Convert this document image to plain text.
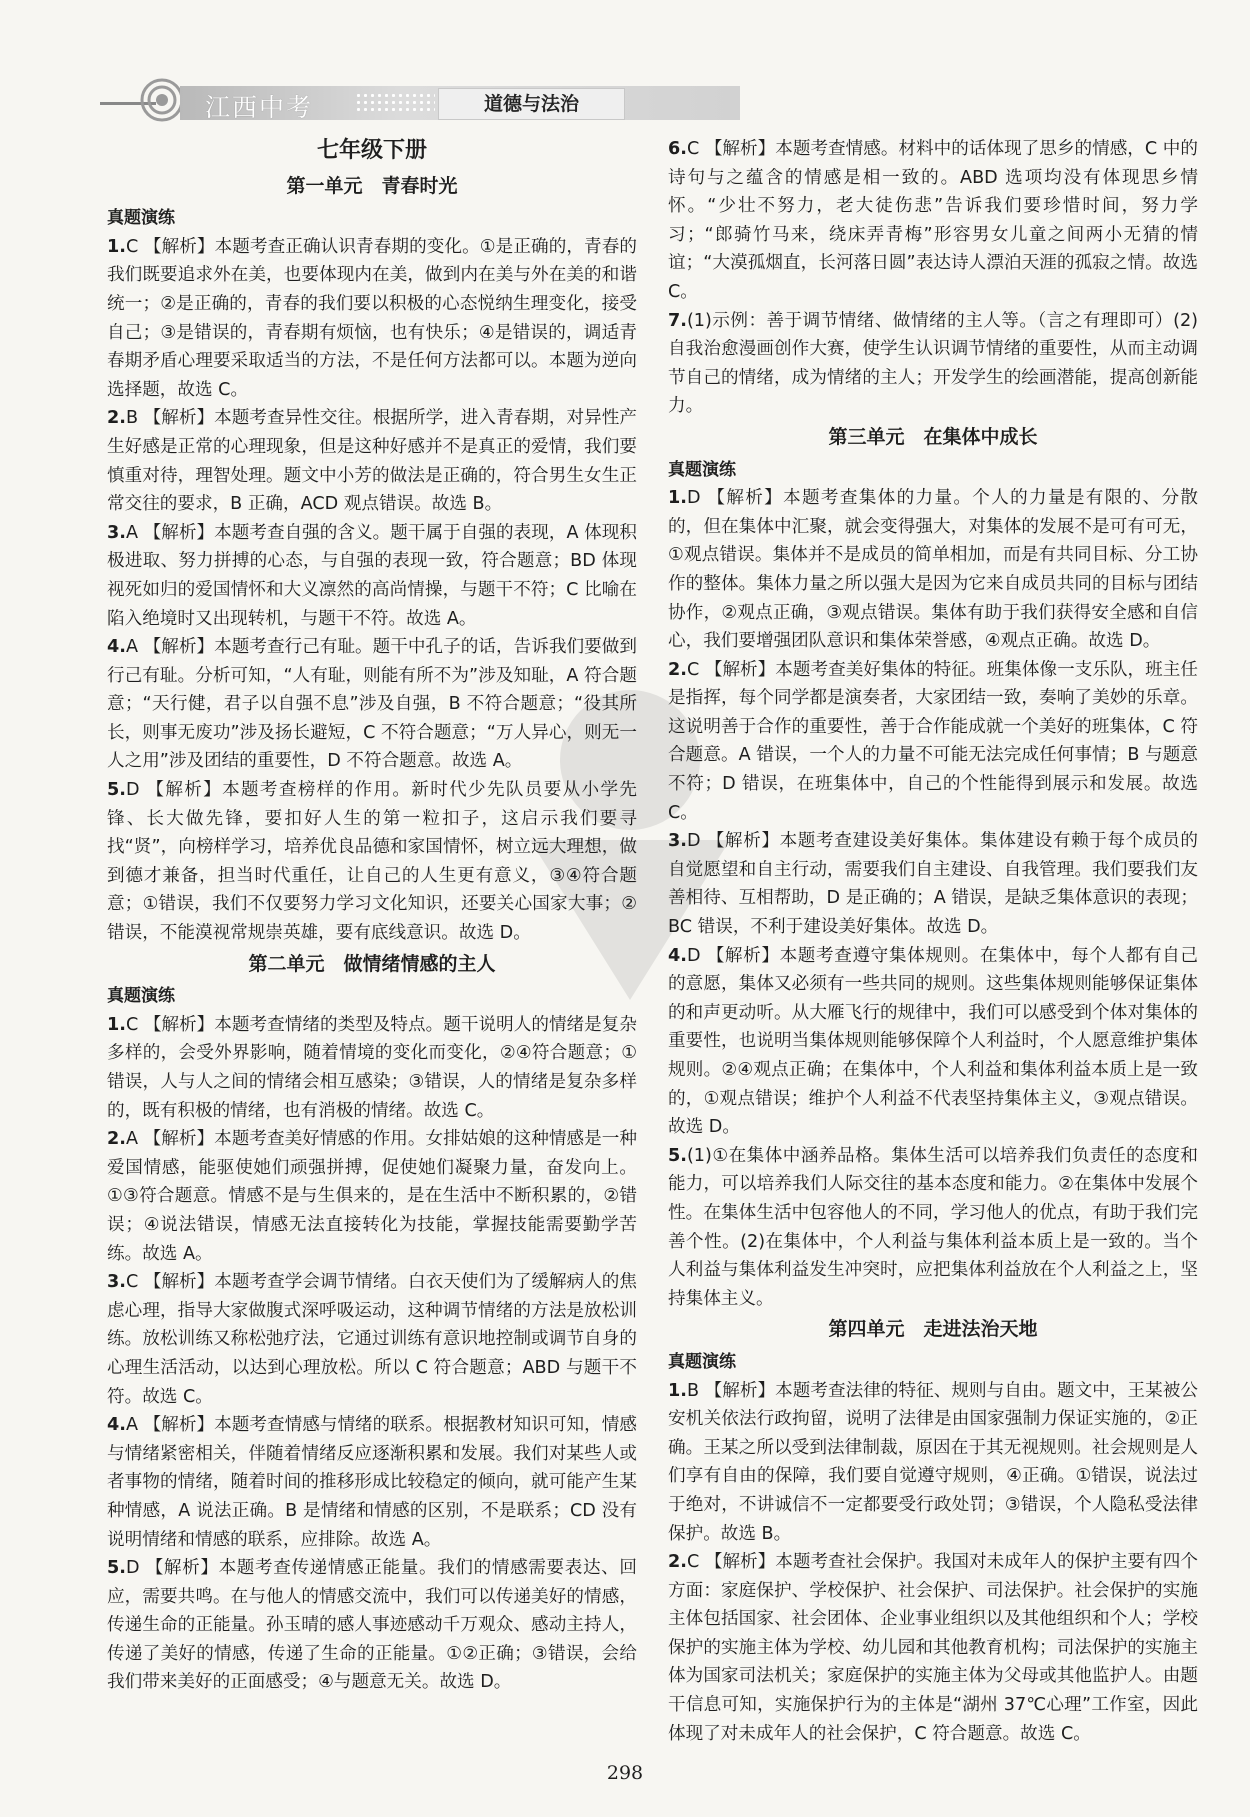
江西中考	道德与法治
七年级下册
第一单元　青春时光
真题演练

1.C 【解析】本题考查正确认识青春期的变化。①是正确的，青春的我们既要追求外在美，也要体现内在美，做到内在美与外在美的和谐统一；②是正确的，青春的我们要以积极的心态悦纳生理变化，接受自己；③是错误的，青春期有烦恼，也有快乐；④是错误的，调适青春期矛盾心理要采取适当的方法，不是任何方法都可以。本题为逆向选择题，故选 C。

2.B 【解析】本题考查异性交往。根据所学，进入青春期，对异性产生好感是正常的心理现象，但是这种好感并不是真正的爱情，我们要慎重对待，理智处理。题文中小芳的做法是正确的，符合男生女生正常交往的要求，B 正确，ACD 观点错误。故选 B。

3.A 【解析】本题考查自强的含义。题干属于自强的表现，A 体现积极进取、努力拼搏的心态，与自强的表现一致，符合题意；BD 体现视死如归的爱国情怀和大义凛然的高尚情操，与题干不符；C 比喻在陷入绝境时又出现转机，与题干不符。故选 A。

4.A 【解析】本题考查行己有耻。题干中孔子的话，告诉我们要做到行己有耻。分析可知，“人有耻，则能有所不为”涉及知耻，A 符合题意；“天行健，君子以自强不息”涉及自强，B 不符合题意；“役其所长，则事无废功”涉及扬长避短，C 不符合题意；“万人异心，则无一人之用”涉及团结的重要性，D 不符合题意。故选 A。

5.D 【解析】本题考查榜样的作用。新时代少先队员要从小学先锋、长大做先锋，要扣好人生的第一粒扣子，这启示我们要寻找“贤”，向榜样学习，培养优良品德和家国情怀，树立远大理想，做到德才兼备，担当时代重任，让自己的人生更有意义，③④符合题意；①错误，我们不仅要努力学习文化知识，还要关心国家大事；②错误，不能漠视常规崇英雄，要有底线意识。故选 D。

第二单元　做情绪情感的主人
真题演练

1.C 【解析】本题考查情绪的类型及特点。题干说明人的情绪是复杂多样的，会受外界影响，随着情境的变化而变化，②④符合题意；①错误，人与人之间的情绪会相互感染；③错误，人的情绪是复杂多样的，既有积极的情绪，也有消极的情绪。故选 C。

2.A 【解析】本题考查美好情感的作用。女排姑娘的这种情感是一种爱国情感，能驱使她们顽强拼搏，促使她们凝聚力量，奋发向上。①③符合题意。情感不是与生俱来的，是在生活中不断积累的，②错误；④说法错误，情感无法直接转化为技能，掌握技能需要勤学苦练。故选 A。

3.C 【解析】本题考查学会调节情绪。白衣天使们为了缓解病人的焦虑心理，指导大家做腹式深呼吸运动，这种调节情绪的方法是放松训练。放松训练又称松弛疗法，它通过训练有意识地控制或调节自身的心理生活活动，以达到心理放松。所以 C 符合题意；ABD 与题干不符。故选 C。

4.A 【解析】本题考查情感与情绪的联系。根据教材知识可知，情感与情绪紧密相关，伴随着情绪反应逐渐积累和发展。我们对某些人或者事物的情绪，随着时间的推移形成比较稳定的倾向，就可能产生某种情感，A 说法正确。B 是情绪和情感的区别，不是联系；CD 没有说明情绪和情感的联系，应排除。故选 A。

5.D 【解析】本题考查传递情感正能量。我们的情感需要表达、回应，需要共鸣。在与他人的情感交流中，我们可以传递美好的情感，传递生命的正能量。孙玉晴的感人事迹感动千万观众、感动主持人，传递了美好的情感，传递了生命的正能量。①②正确；③错误，会给我们带来美好的正面感受；④与题意无关。故选 D。

6.C 【解析】本题考查情感。材料中的话体现了思乡的情感，C 中的诗句与之蕴含的情感是相一致的。ABD 选项均没有体现思乡情怀。“少壮不努力，老大徒伤悲”告诉我们要珍惜时间，努力学习；“郎骑竹马来，绕床弄青梅”形容男女儿童之间两小无猜的情谊；“大漠孤烟直，长河落日圆”表达诗人漂泊天涯的孤寂之情。故选 C。

7.(1)示例：善于调节情绪、做情绪的主人等。（言之有理即可）(2)自我治愈漫画创作大赛，使学生认识调节情绪的重要性，从而主动调节自己的情绪，成为情绪的主人；开发学生的绘画潜能，提高创新能力。

第三单元　在集体中成长
真题演练

1.D 【解析】本题考查集体的力量。个人的力量是有限的、分散的，但在集体中汇聚，就会变得强大，对集体的发展不是可有可无，①观点错误。集体并不是成员的简单相加，而是有共同目标、分工协作的整体。集体力量之所以强大是因为它来自成员共同的目标与团结协作，②观点正确，③观点错误。集体有助于我们获得安全感和自信心，我们要增强团队意识和集体荣誉感，④观点正确。故选 D。

2.C 【解析】本题考查美好集体的特征。班集体像一支乐队，班主任是指挥，每个同学都是演奏者，大家团结一致，奏响了美妙的乐章。这说明善于合作的重要性，善于合作能成就一个美好的班集体，C 符合题意。A 错误，一个人的力量不可能无法完成任何事情；B 与题意不符；D 错误，在班集体中，自己的个性能得到展示和发展。故选 C。

3.D 【解析】本题考查建设美好集体。集体建设有赖于每个成员的自觉愿望和自主行动，需要我们自主建设、自我管理。我们要我们友善相待、互相帮助，D 是正确的；A 错误，是缺乏集体意识的表现；BC 错误，不利于建设美好集体。故选 D。

4.D 【解析】本题考查遵守集体规则。在集体中，每个人都有自己的意愿，集体又必须有一些共同的规则。这些集体规则能够保证集体的和声更动听。从大雁飞行的规律中，我们可以感受到个体对集体的重要性，也说明当集体规则能够保障个人利益时，个人愿意维护集体规则。②④观点正确；在集体中，个人利益和集体利益本质上是一致的，①观点错误；维护个人利益不代表坚持集体主义，③观点错误。故选 D。

5.(1)①在集体中涵养品格。集体生活可以培养我们负责任的态度和能力，可以培养我们人际交往的基本态度和能力。②在集体中发展个性。在集体生活中包容他人的不同，学习他人的优点，有助于我们完善个性。(2)在集体中，个人利益与集体利益本质上是一致的。当个人利益与集体利益发生冲突时，应把集体利益放在个人利益之上，坚持集体主义。

第四单元　走进法治天地
真题演练

1.B 【解析】本题考查法律的特征、规则与自由。题文中，王某被公安机关依法行政拘留，说明了法律是由国家强制力保证实施的，②正确。王某之所以受到法律制裁，原因在于其无视规则。社会规则是人们享有自由的保障，我们要自觉遵守规则，④正确。①错误，说法过于绝对，不讲诚信不一定都要受行政处罚；③错误，个人隐私受法律保护。故选 B。

2.C 【解析】本题考查社会保护。我国对未成年人的保护主要有四个方面：家庭保护、学校保护、社会保护、司法保护。社会保护的实施主体包括国家、社会团体、企业事业组织以及其他组织和个人；学校保护的实施主体为学校、幼儿园和其他教育机构；司法保护的实施主体为国家司法机关；家庭保护的实施主体为父母或其他监护人。由题干信息可知，实施保护行为的主体是“湖州 37℃心理”工作室，因此体现了对未成年人的社会保护，C 符合题意。故选 C。

298
